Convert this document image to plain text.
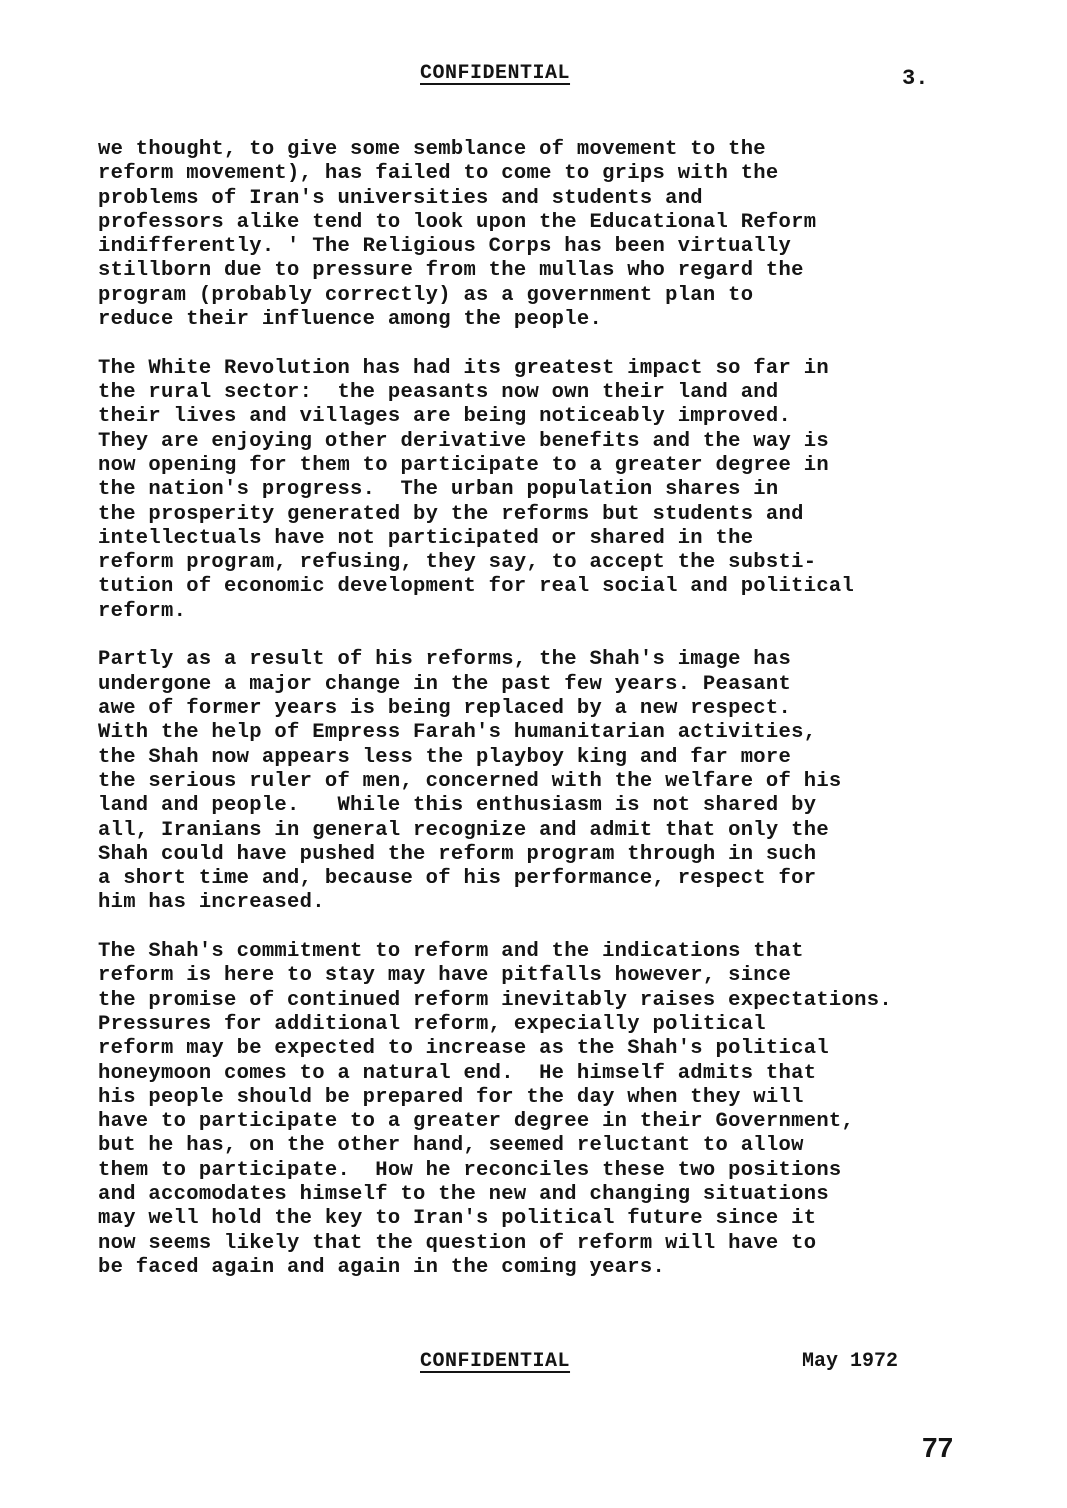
CONFIDENTIAL	3.
we thought, to give some semblance of movement to the
reform movement), has failed to come to grips with the
problems of Iran's universities and students and
professors alike tend to look upon the Educational Reform
indifferently. ' The Religious Corps has been virtually
stillborn due to pressure from the mullas who regard the
program (probably correctly) as a government plan to
reduce their influence among the people.
The White Revolution has had its greatest impact so far in
the rural sector:  the peasants now own their land and
their lives and villages are being noticeably improved.
They are enjoying other derivative benefits and the way is
now opening for them to participate to a greater degree in
the nation's progress.  The urban population shares in
the prosperity generated by the reforms but students and
intellectuals have not participated or shared in the
reform program, refusing, they say, to accept the substi-
tution of economic development for real social and political
reform.
Partly as a result of his reforms, the Shah's image has
undergone a major change in the past few years. Peasant
awe of former years is being replaced by a new respect.
With the help of Empress Farah's humanitarian activities,
the Shah now appears less the playboy king and far more
the serious ruler of men, concerned with the welfare of his
land and people.   While this enthusiasm is not shared by
all, Iranians in general recognize and admit that only the
Shah could have pushed the reform program through in such
a short time and, because of his performance, respect for
him has increased.
The Shah's commitment to reform and the indications that
reform is here to stay may have pitfalls however, since
the promise of continued reform inevitably raises expectations.
Pressures for additional reform, expecially political
reform may be expected to increase as the Shah's political
honeymoon comes to a natural end.  He himself admits that
his people should be prepared for the day when they will
have to participate to a greater degree in their Government,
but he has, on the other hand, seemed reluctant to allow
them to participate.  How he reconciles these two positions
and accomodates himself to the new and changing situations
may well hold the key to Iran's political future since it
now seems likely that the question of reform will have to
be faced again and again in the coming years.
CONFIDENTIAL	May 1972
77
